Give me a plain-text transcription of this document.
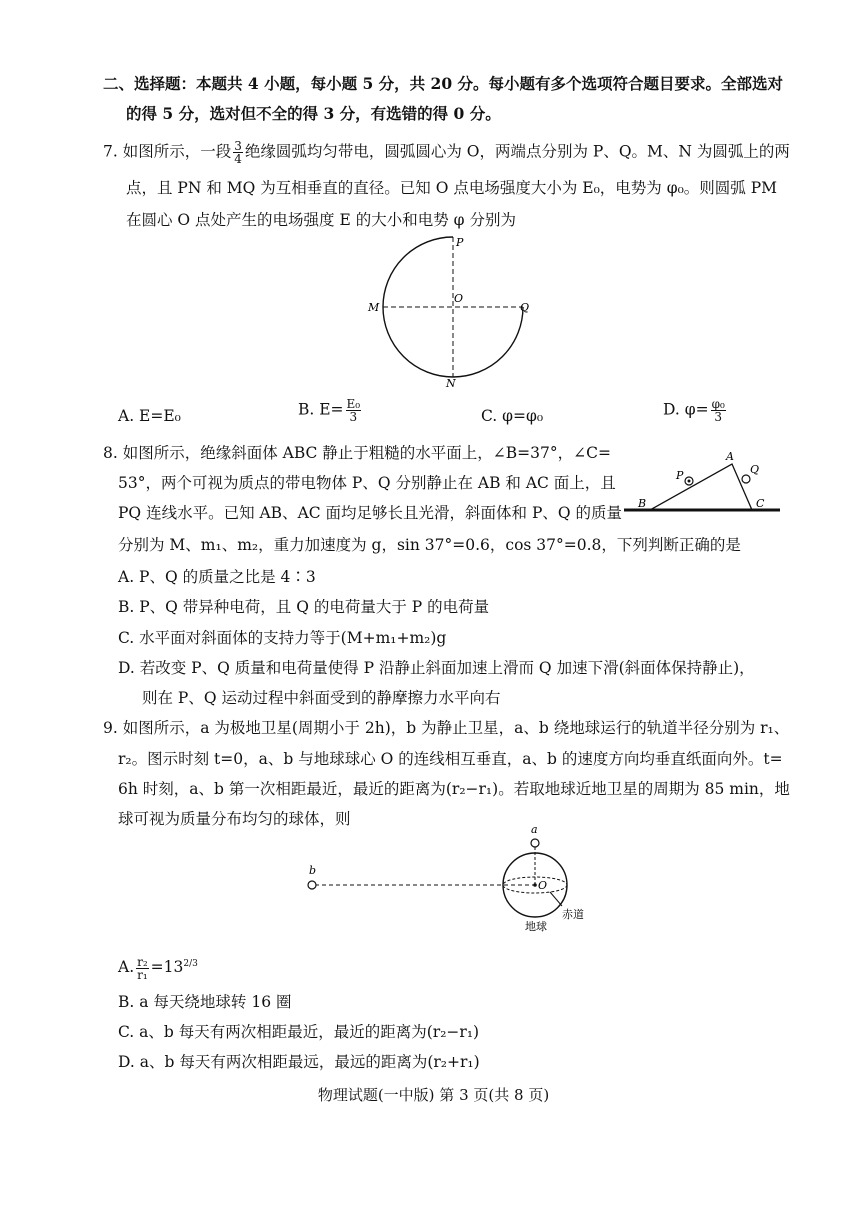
二、选择题：本题共 4 小题，每小题 5 分，共 20 分。每小题有多个选项符合题目要求。全部选对
的得 5 分，选对但不全的得 3 分，有选错的得 0 分。
7. 如图所示，一段 $\frac{3}{4}$ 绝缘圆弧均匀带电，圆弧圆心为 O，两端点分别为 P、Q。M、N 为圆弧上的两
点，且 PN 和 MQ 为互相垂直的直径。已知 O 点电场强度大小为 E₀，电势为 φ₀。则圆弧 PM
在圆心 O 点处产生的电场强度 E 的大小和电势 φ 分别为
P
M
O
Q
N
A. E=E₀	B. $E= \frac{\text{E₀}}{3}$	C. φ=φ₀	D. $\varphi= \frac{\text{φ₀}}{3}$
8. 如图所示，绝缘斜面体 ABC 静止于粗糙的水平面上，∠B=37°，∠C=
53°，两个可视为质点的带电物体 P、Q 分别静止在 AB 和 AC 面上，且
PQ 连线水平。已知 AB、AC 面均足够长且光滑，斜面体和 P、Q 的质量
分别为 M、m₁、m₂，重力加速度为 g，sin 37°=0.6，cos 37°=0.8，下列判断正确的是
A
B	C
P	Q
A. P、Q 的质量之比是 4∶3
B. P、Q 带异种电荷，且 Q 的电荷量大于 P 的电荷量
C. 水平面对斜面体的支持力等于(M+m₁+m₂)g
D. 若改变 P、Q 质量和电荷量使得 P 沿静止斜面加速上滑而 Q 加速下滑(斜面体保持静止)，
则在 P、Q 运动过程中斜面受到的静摩擦力水平向右
9. 如图所示，a 为极地卫星(周期小于 2h)，b 为静止卫星，a、b 绕地球运行的轨道半径分别为 r₁、
r₂。图示时刻 t=0，a、b 与地球球心 O 的连线相互垂直，a、b 的速度方向均垂直纸面向外。t=
6h 时刻，a、b 第一次相距最近，最近的距离为(r₂−r₁)。若取地球近地卫星的周期为 85 min，地
球可视为质量分布均匀的球体，则
a
b
O
赤道
地球
A. $\frac{\text{r₂}}{\text{r₁}} =13^{2/3}$
B. a 每天绕地球转 16 圈
C. a、b 每天有两次相距最近，最近的距离为(r₂−r₁)
D. a、b 每天有两次相距最远，最远的距离为(r₂+r₁)
物理试题(一中版) 第 3 页(共 8 页)
